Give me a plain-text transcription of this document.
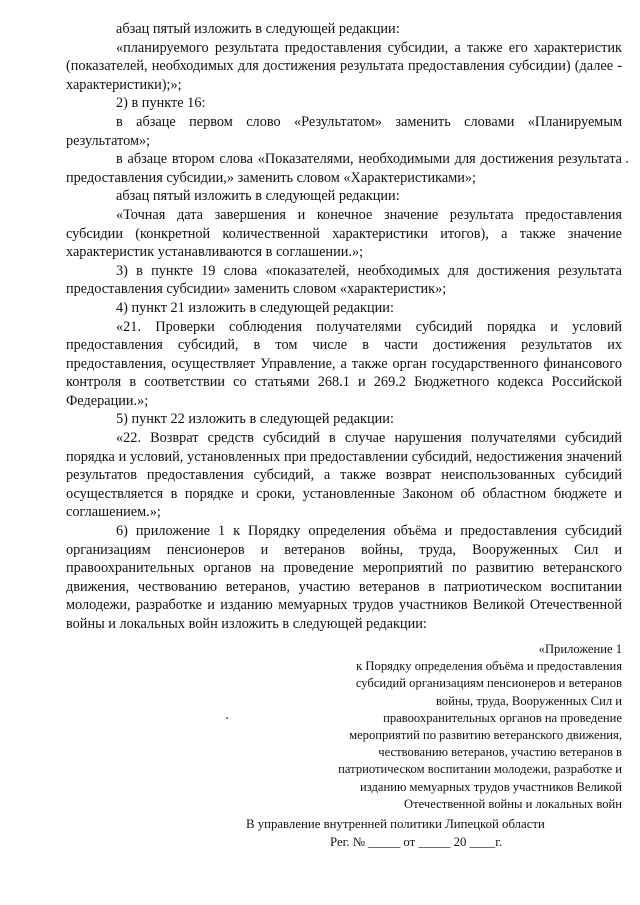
абзац пятый изложить в следующей редакции:

«планируемого результата предоставления субсидии, а также его характеристик (показателей, необходимых для достижения результата предоставления субсидии) (далее - характеристики);»;

2) в пункте 16:

в абзаце первом слово «Результатом» заменить словами «Планируемым результатом»;

в абзаце втором слова «Показателями, необходимыми для достижения результата предоставления субсидии,» заменить словом «Характеристиками»;

абзац пятый изложить в следующей редакции:

«Точная дата завершения и конечное значение результата предоставления субсидии (конкретной количественной характеристики итогов), а также значение характеристик устанавливаются в соглашении.»;

3) в пункте 19 слова «показателей, необходимых для достижения результата предоставления субсидии» заменить словом «характеристик»;

4) пункт 21 изложить в следующей редакции:

«21. Проверки соблюдения получателями субсидий порядка и условий предоставления субсидий, в том числе в части достижения результатов их предоставления, осуществляет Управление, а также орган государственного финансового контроля в соответствии со статьями 268.1 и 269.2 Бюджетного кодекса Российской Федерации.»;

5) пункт 22 изложить в следующей редакции:

«22. Возврат средств субсидий в случае нарушения получателями субсидий порядка и условий, установленных при предоставлении субсидий, недостижения значений результатов предоставления субсидий, а также возврат неиспользованных субсидий осуществляется в порядке и сроки, установленные Законом об областном бюджете и соглашением.»;

6) приложение 1 к Порядку определения объёма и предоставления субсидий организациям пенсионеров и ветеранов войны, труда, Вооруженных Сил и правоохранительных органов на проведение мероприятий по развитию ветеранского движения, чествованию ветеранов, участию ветеранов в патриотическом воспитании молодежи, разработке и изданию мемуарных трудов участников Великой Отечественной войны и локальных войн изложить в следующей редакции:

«Приложение 1
к Порядку определения объёма и предоставления
субсидий организациям пенсионеров и ветеранов
войны, труда, Вооруженных Сил и
правоохранительных органов на проведение
мероприятий по развитию ветеранского движения,
чествованию ветеранов, участию ветеранов в
патриотическом воспитании молодежи, разработке и
изданию мемуарных трудов участников Великой
Отечественной войны и локальных войн
В управление внутренней политики Липецкой области
Рег. № _____ от _____ 20 ____г.
